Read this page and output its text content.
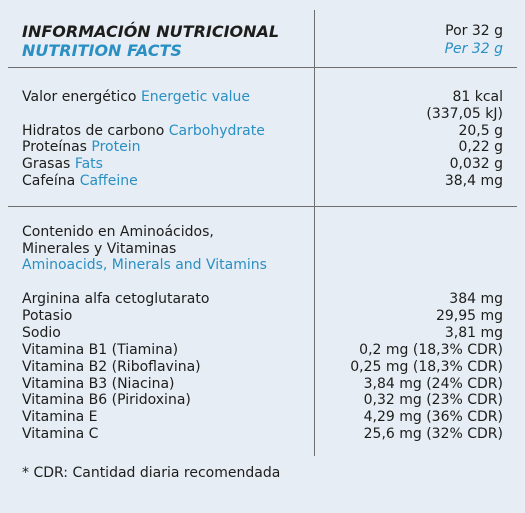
INFORMACIÓN NUTRICIONAL
NUTRITION FACTS
Por 32 g
Per 32 g
Valor energético Energetic value	81 kcal
(337,05 kJ)
Hidratos de carbono Carbohydrate	20,5 g
Proteínas Protein	0,22 g
Grasas Fats	0,032 g
Cafeína Caffeine	38,4 mg
Contenido en Aminoácidos,
Minerales y Vitaminas
Aminoacids, Minerals and Vitamins
Arginina alfa cetoglutarato	384 mg
Potasio	29,95 mg
Sodio	3,81 mg
Vitamina B1 (Tiamina)	0,2 mg (18,3% CDR)
Vitamina B2 (Riboflavina)	0,25 mg (18,3% CDR)
Vitamina B3 (Niacina)	3,84 mg (24% CDR)
Vitamina B6 (Piridoxina)	0,32 mg (23% CDR)
Vitamina E	4,29 mg (36% CDR)
Vitamina C	25,6 mg (32% CDR)
* CDR: Cantidad diaria recomendada
